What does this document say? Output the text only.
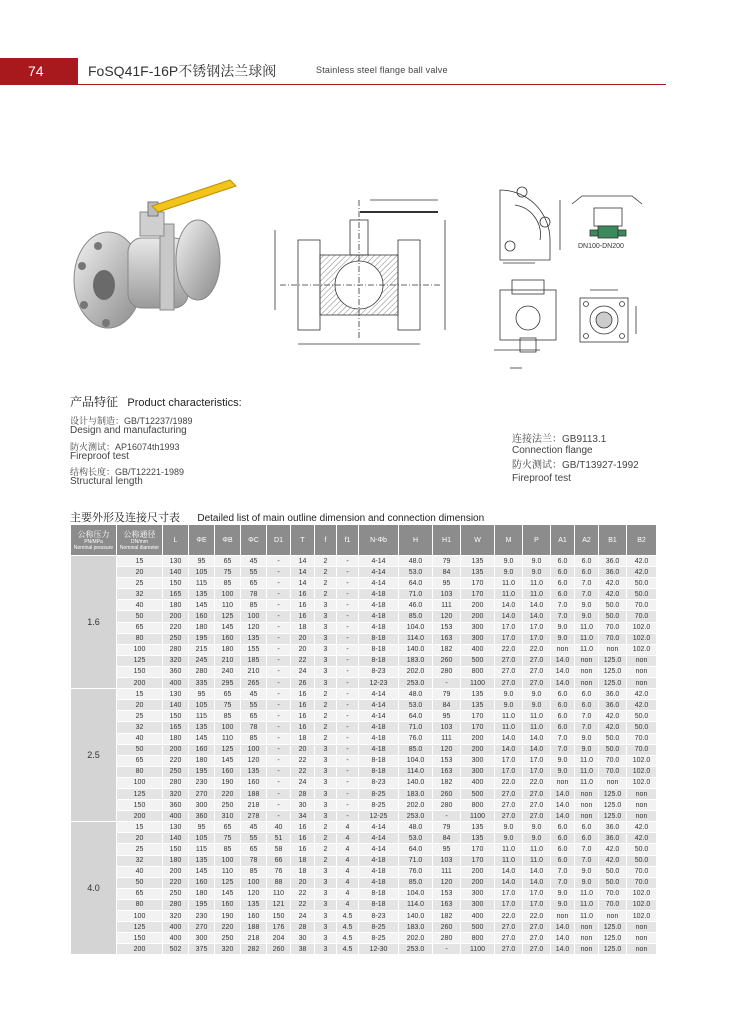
74	FoSQ41F-16P不锈钢法兰球阀	Stainless steel flange ball valve
DN100-DN200
产品特征 Product characteristics:
设计与制造：GB/T12237/1989
Design and manufacturing
防火测试：AP16074th1993
Fireproof test
结构长度：GB/T12221-1989
Structural length
连接法兰：GB9113.1
Connection flange
防火测试：GB/T13927-1992
Fireproof test
主要外形及连接尺寸表 Detailed list of main outline dimension and connection dimension
公称压力
PN/MPa
Nominal pressure	公称通径
DN/mm
Nominal diameter	L	ΦE	ΦB	ΦC	D1	T	f	f1	N-Φb	H	H1	W	M	P	A1	A2	B1	B2
1.6	15	130	95	65	45	-	14	2	-	4-14	48.0	79	135	9.0	9.0	6.0	6.0	36.0	42.0
	20	140	105	75	55	-	14	2	-	4-14	53.0	84	135	9.0	9.0	6.0	6.0	36.0	42.0
	25	150	115	85	65	-	14	2	-	4-14	64.0	95	170	11.0	11.0	6.0	7.0	42.0	50.0
	32	165	135	100	78	-	16	2	-	4-18	71.0	103	170	11.0	11.0	6.0	7.0	42.0	50.0
	40	180	145	110	85	-	16	3	-	4-18	46.0	111	200	14.0	14.0	7.0	9.0	50.0	70.0
	50	200	160	125	100	-	16	3	-	4-18	85.0	120	200	14.0	14.0	7.0	9.0	50.0	70.0
	65	220	180	145	120	-	18	3	-	4-18	104.0	153	300	17.0	17.0	9.0	11.0	70.0	102.0
	80	250	195	160	135	-	20	3	-	8-18	114.0	163	300	17.0	17.0	9.0	11.0	70.0	102.0
	100	280	215	180	155	-	20	3	-	8-18	140.0	182	400	22.0	22.0	non	11.0	non	102.0
	125	320	245	210	185	-	22	3	-	8-18	183.0	260	500	27.0	27.0	14.0	non	125.0	non
	150	360	280	240	210	-	24	3	-	8-23	202.0	280	800	27.0	27.0	14.0	non	125.0	non
	200	400	335	295	265	-	26	3	-	12-23	253.0	-	1100	27.0	27.0	14.0	non	125.0	non
2.5	15	130	95	65	45	-	16	2	-	4-14	48.0	79	135	9.0	9.0	6.0	6.0	36.0	42.0
	20	140	105	75	55	-	16	2	-	4-14	53.0	84	135	9.0	9.0	6.0	6.0	36.0	42.0
	25	150	115	85	65	-	16	2	-	4-14	64.0	95	170	11.0	11.0	6.0	7.0	42.0	50.0
	32	165	135	100	78	-	16	2	-	4-18	71.0	103	170	11.0	11.0	6.0	7.0	42.0	50.0
	40	180	145	110	85	-	18	2	-	4-18	76.0	111	200	14.0	14.0	7.0	9.0	50.0	70.0
	50	200	160	125	100	-	20	3	-	4-18	85.0	120	200	14.0	14.0	7.0	9.0	50.0	70.0
	65	220	180	145	120	-	22	3	-	8-18	104.0	153	300	17.0	17.0	9.0	11.0	70.0	102.0
	80	250	195	160	135	-	22	3	-	8-18	114.0	163	300	17.0	17.0	9.0	11.0	70.0	102.0
	100	280	230	190	160	-	24	3	-	8-23	140.0	182	400	22.0	22.0	non	11.0	non	102.0
	125	320	270	220	188	-	28	3	-	8-25	183.0	260	500	27.0	27.0	14.0	non	125.0	non
	150	360	300	250	218	-	30	3	-	8-25	202.0	280	800	27.0	27.0	14.0	non	125.0	non
	200	400	360	310	278	-	34	3	-	12-25	253.0	-	1100	27.0	27.0	14.0	non	125.0	non
4.0	15	130	95	65	45	40	16	2	4	4-14	48.0	79	135	9.0	9.0	6.0	6.0	36.0	42.0
	20	140	105	75	55	51	16	2	4	4-14	53.0	84	135	9.0	9.0	6.0	6.0	36.0	42.0
	25	150	115	85	65	58	16	2	4	4-14	64.0	95	170	11.0	11.0	6.0	7.0	42.0	50.0
	32	180	135	100	78	66	18	2	4	4-18	71.0	103	170	11.0	11.0	6.0	7.0	42.0	50.0
	40	200	145	110	85	76	18	3	4	4-18	76.0	111	200	14.0	14.0	7.0	9.0	50.0	70.0
	50	220	160	125	100	88	20	3	4	4-18	85.0	120	200	14.0	14.0	7.0	9.0	50.0	70.0
	65	250	180	145	120	110	22	3	4	8-18	104.0	153	300	17.0	17.0	9.0	11.0	70.0	102.0
	80	280	195	160	135	121	22	3	4	8-18	114.0	163	300	17.0	17.0	9.0	11.0	70.0	102.0
	100	320	230	190	160	150	24	3	4.5	8-23	140.0	182	400	22.0	22.0	non	11.0	non	102.0
	125	400	270	220	188	176	28	3	4.5	8-25	183.0	260	500	27.0	27.0	14.0	non	125.0	non
	150	400	300	250	218	204	30	3	4.5	8-25	202.0	280	800	27.0	27.0	14.0	non	125.0	non
	200	502	375	320	282	260	38	3	4.5	12-30	253.0	-	1100	27.0	27.0	14.0	non	125.0	non
